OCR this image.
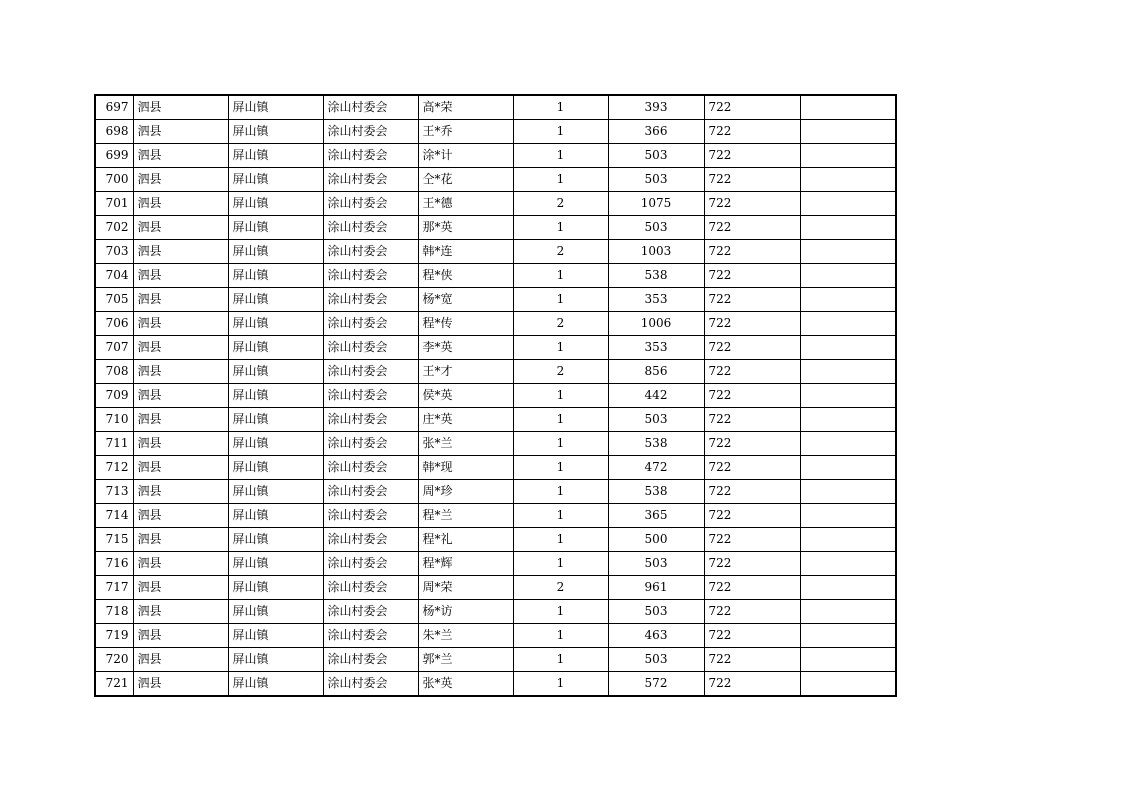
697	泗县	屏山镇	涂山村委会	高*荣	1	393	722	
698	泗县	屏山镇	涂山村委会	王*乔	1	366	722	
699	泗县	屏山镇	涂山村委会	涂*计	1	503	722	
700	泗县	屏山镇	涂山村委会	仝*花	1	503	722	
701	泗县	屏山镇	涂山村委会	王*德	2	1075	722	
702	泗县	屏山镇	涂山村委会	那*英	1	503	722	
703	泗县	屏山镇	涂山村委会	韩*连	2	1003	722	
704	泗县	屏山镇	涂山村委会	程*侠	1	538	722	
705	泗县	屏山镇	涂山村委会	杨*宽	1	353	722	
706	泗县	屏山镇	涂山村委会	程*传	2	1006	722	
707	泗县	屏山镇	涂山村委会	李*英	1	353	722	
708	泗县	屏山镇	涂山村委会	王*才	2	856	722	
709	泗县	屏山镇	涂山村委会	侯*英	1	442	722	
710	泗县	屏山镇	涂山村委会	庄*英	1	503	722	
711	泗县	屏山镇	涂山村委会	张*兰	1	538	722	
712	泗县	屏山镇	涂山村委会	韩*现	1	472	722	
713	泗县	屏山镇	涂山村委会	周*珍	1	538	722	
714	泗县	屏山镇	涂山村委会	程*兰	1	365	722	
715	泗县	屏山镇	涂山村委会	程*礼	1	500	722	
716	泗县	屏山镇	涂山村委会	程*辉	1	503	722	
717	泗县	屏山镇	涂山村委会	周*荣	2	961	722	
718	泗县	屏山镇	涂山村委会	杨*访	1	503	722	
719	泗县	屏山镇	涂山村委会	朱*兰	1	463	722	
720	泗县	屏山镇	涂山村委会	郭*兰	1	503	722	
721	泗县	屏山镇	涂山村委会	张*英	1	572	722	
